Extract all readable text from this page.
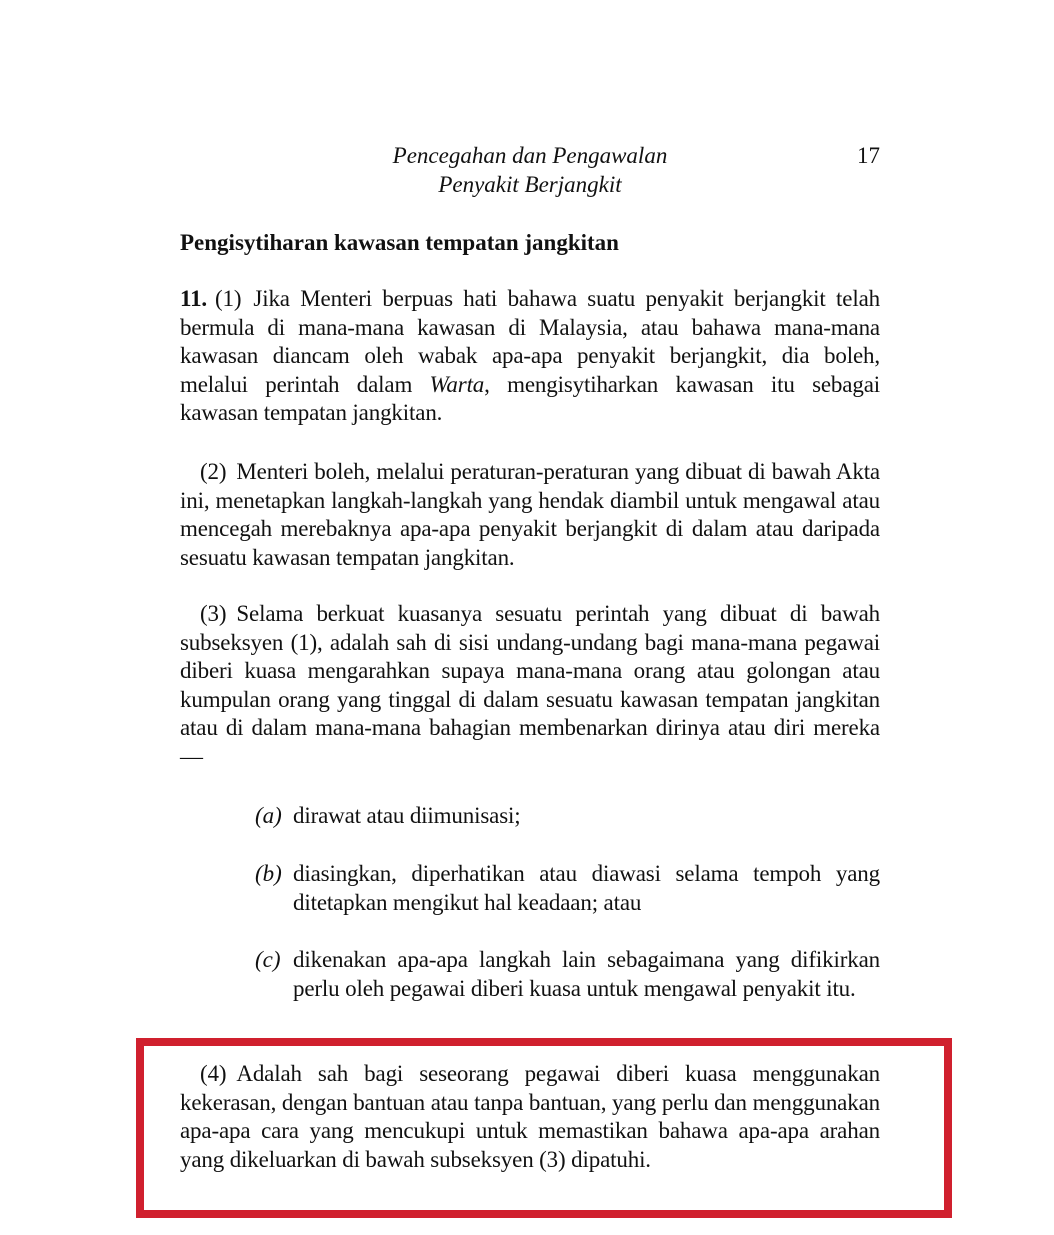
Pencegahan dan Pengawalan
Penyakit Berjangkit
17
Pengisytiharan kawasan tempatan jangkitan
11. (1) Jika Menteri berpuas hati bahawa suatu penyakit berjangkit telah bermula di mana-mana kawasan di Malaysia, atau bahawa mana-mana kawasan diancam oleh wabak apa-apa penyakit berjangkit, dia boleh, melalui perintah dalam Warta, mengisytiharkan kawasan itu sebagai kawasan tempatan jangkitan.
(2) Menteri boleh, melalui peraturan-peraturan yang dibuat di bawah Akta ini, menetapkan langkah-langkah yang hendak diambil untuk mengawal atau mencegah merebaknya apa-apa penyakit berjangkit di dalam atau daripada sesuatu kawasan tempatan jangkitan.
(3) Selama berkuat kuasanya sesuatu perintah yang dibuat di bawah subseksyen (1), adalah sah di sisi undang-undang bagi mana-mana pegawai diberi kuasa mengarahkan supaya mana-mana orang atau golongan atau kumpulan orang yang tinggal di dalam sesuatu kawasan tempatan jangkitan atau di dalam mana-mana bahagian membenarkan dirinya atau diri mereka—
(a) dirawat atau diimunisasi;
(b) diasingkan, diperhatikan atau diawasi selama tempoh yang ditetapkan mengikut hal keadaan; atau
(c) dikenakan apa-apa langkah lain sebagaimana yang difikirkan perlu oleh pegawai diberi kuasa untuk mengawal penyakit itu.
(4) Adalah sah bagi seseorang pegawai diberi kuasa menggunakan kekerasan, dengan bantuan atau tanpa bantuan, yang perlu dan menggunakan apa-apa cara yang mencukupi untuk memastikan bahawa apa-apa arahan yang dikeluarkan di bawah subseksyen (3) dipatuhi.
